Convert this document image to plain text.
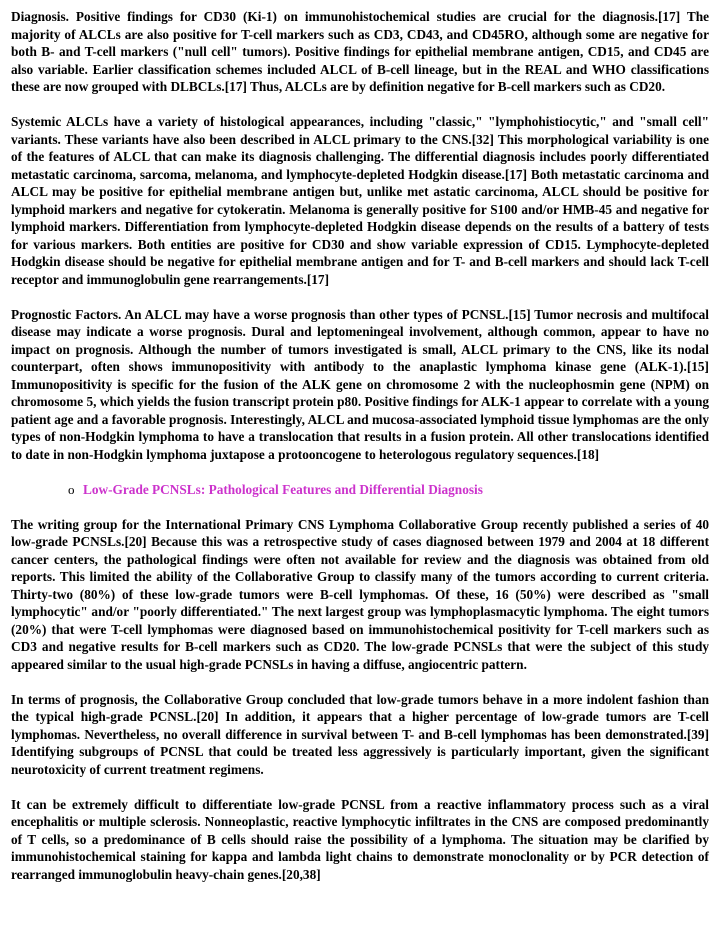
Diagnosis. Positive findings for CD30 (Ki-1) on immunohistochemical studies are crucial for the diagnosis.[17] The majority of ALCLs are also positive for T-cell markers such as CD3, CD43, and CD45RO, although some are negative for both B- and T-cell markers ("null cell" tumors). Positive findings for epithelial membrane antigen, CD15, and CD45 are also variable. Earlier classification schemes included ALCL of B-cell lineage, but in the REAL and WHO classifications these are now grouped with DLBCLs.[17] Thus, ALCLs are by definition negative for B-cell markers such as CD20.

Systemic ALCLs have a variety of histological appearances, including "classic," "lymphohistiocytic," and "small cell" variants. These variants have also been described in ALCL primary to the CNS.[32] This morphological variability is one of the features of ALCL that can make its diagnosis challenging. The differential diagnosis includes poorly differentiated metastatic carcinoma, sarcoma, melanoma, and lymphocyte-depleted Hodgkin disease.[17] Both metastatic carcinoma and ALCL may be positive for epithelial membrane antigen but, unlike met astatic carcinoma, ALCL should be positive for lymphoid markers and negative for cytokeratin. Melanoma is generally positive for S100 and/or HMB-45 and negative for lymphoid markers. Differentiation from lymphocyte-depleted Hodgkin disease depends on the results of a battery of tests for various markers. Both entities are positive for CD30 and show variable expression of CD15. Lymphocyte-depleted Hodgkin disease should be negative for epithelial membrane antigen and for T- and B-cell markers and should lack T-cell receptor and immunoglobulin gene rearrangements.[17]

Prognostic Factors. An ALCL may have a worse prognosis than other types of PCNSL.[15] Tumor necrosis and multifocal disease may indicate a worse prognosis. Dural and leptomeningeal involvement, although common, appear to have no impact on prognosis. Although the number of tumors investigated is small, ALCL primary to the CNS, like its nodal counterpart, often shows immunopositivity with antibody to the anaplastic lymphoma kinase gene (ALK-1).[15] Immunopositivity is specific for the fusion of the ALK gene on chromosome 2 with the nucleophosmin gene (NPM) on chromosome 5, which yields the fusion transcript protein p80. Positive findings for ALK-1 appear to correlate with a young patient age and a favorable prognosis. Interestingly, ALCL and mucosa-associated lymphoid tissue lymphomas are the only types of non-Hodgkin lymphoma to have a translocation that results in a fusion protein. All other translocations identified to date in non-Hodgkin lymphoma juxtapose a protooncogene to heterologous regulatory sequences.[18]

o Low-Grade PCNSLs: Pathological Features and Differential Diagnosis

The writing group for the International Primary CNS Lymphoma Collaborative Group recently published a series of 40 low-grade PCNSLs.[20] Because this was a retrospective study of cases diagnosed between 1979 and 2004 at 18 different cancer centers, the pathological findings were often not available for review and the diagnosis was obtained from old reports. This limited the ability of the Collaborative Group to classify many of the tumors according to current criteria. Thirty-two (80%) of these low-grade tumors were B-cell lymphomas. Of these, 16 (50%) were described as "small lymphocytic" and/or "poorly differentiated." The next largest group was lymphoplasmacytic lymphoma. The eight tumors (20%) that were T-cell lymphomas were diagnosed based on immunohistochemical positivity for T-cell markers such as CD3 and negative results for B-cell markers such as CD20. The low-grade PCNSLs that were the subject of this study appeared similar to the usual high-grade PCNSLs in having a diffuse, angiocentric pattern.

In terms of prognosis, the Collaborative Group concluded that low-grade tumors behave in a more indolent fashion than the typical high-grade PCNSL.[20] In addition, it appears that a higher percentage of low-grade tumors are T-cell lymphomas. Nevertheless, no overall difference in survival between T- and B-cell lymphomas has been demonstrated.[39] Identifying subgroups of PCNSL that could be treated less aggressively is particularly important, given the significant neurotoxicity of current treatment regimens.

It can be extremely difficult to differentiate low-grade PCNSL from a reactive inflammatory process such as a viral encephalitis or multiple sclerosis. Nonneoplastic, reactive lymphocytic infiltrates in the CNS are composed predominantly of T cells, so a predominance of B cells should raise the possibility of a lymphoma. The situation may be clarified by immunohistochemical staining for kappa and lambda light chains to demonstrate monoclonality or by PCR detection of rearranged immunoglobulin heavy-chain genes.[20,38]
